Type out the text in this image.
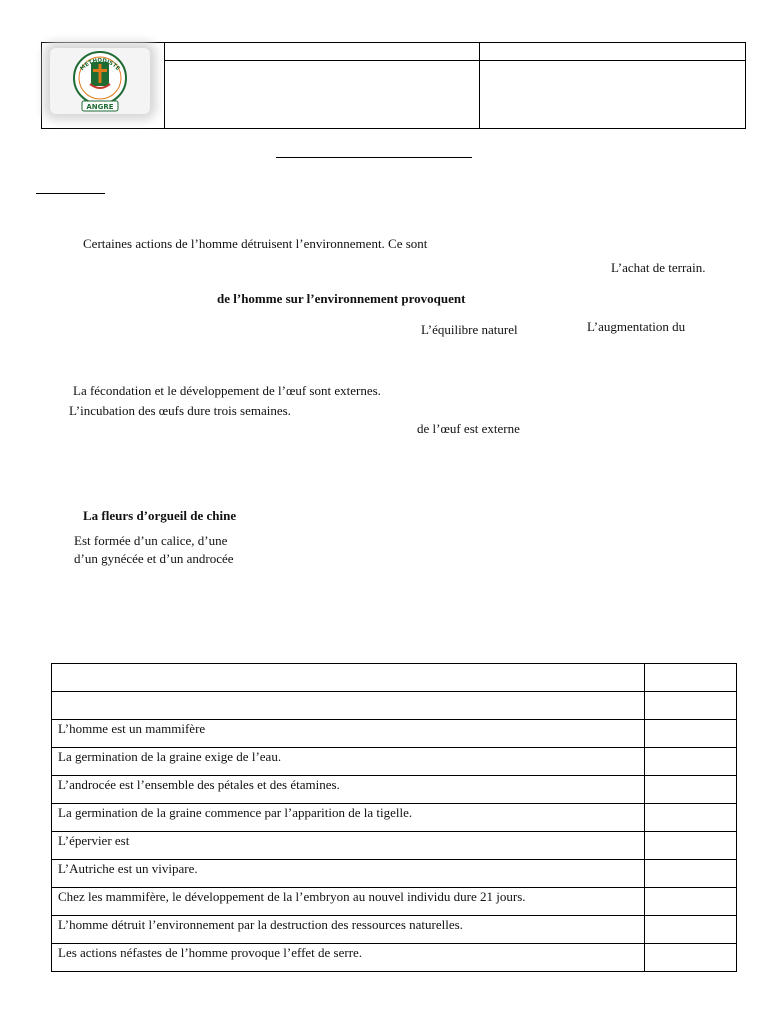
METHODISTE
ANGRE
Certaines actions de l’homme détruisent l’environnement. Ce sont
L’achat de terrain.
de l’homme sur l’environnement provoquent
L’équilibre naturel	L’augmentation du
La fécondation et le développement de l’œuf sont externes.
L’incubation des œufs dure trois semaines.
de l’œuf est externe
La fleurs d’orgueil de chine
Est formée d’un calice, d’une
d’un gynécée et d’un androcée

L’homme est un mammifère	
La germination de la graine exige de l’eau.	
L’androcée est l’ensemble des pétales et des étamines.	
La germination de la graine commence par l’apparition de la tigelle.	
L’épervier est	
L’Autriche est un vivipare.	
Chez les mammifère, le développement de la l’embryon au nouvel individu dure 21 jours.	
L’homme détruit l’environnement par la destruction des ressources naturelles.	
Les actions néfastes de l’homme provoque l’effet de serre.	
